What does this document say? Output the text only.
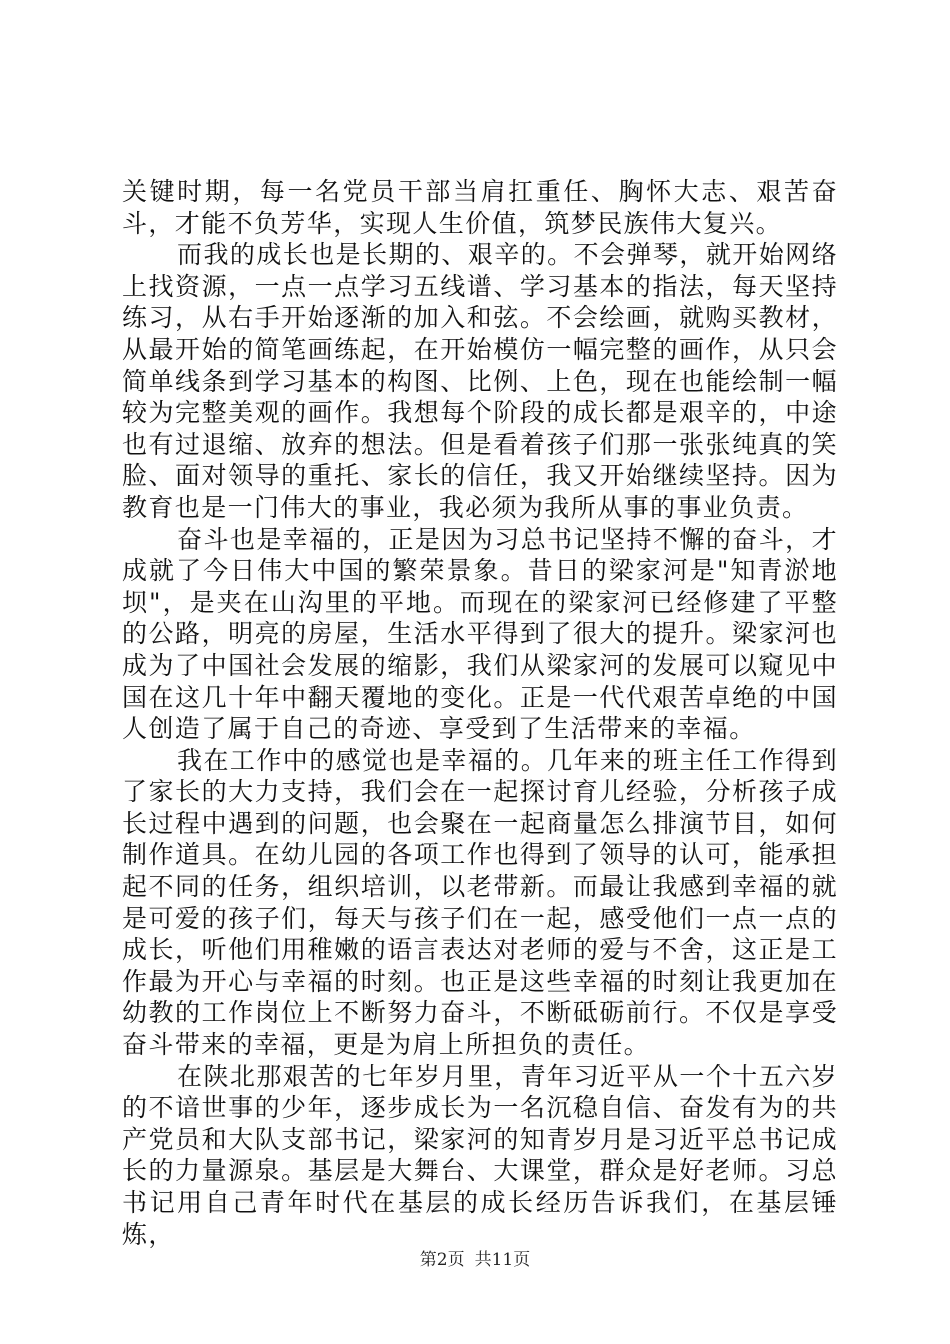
关键时期，每一名党员干部当肩扛重任、胸怀大志、艰苦奋斗，才能不负芳华，实现人生价值，筑梦民族伟大复兴。

而我的成长也是长期的、艰辛的。不会弹琴，就开始网络上找资源，一点一点学习五线谱、学习基本的指法，每天坚持练习，从右手开始逐渐的加入和弦。不会绘画，就购买教材，从最开始的简笔画练起，在开始模仿一幅完整的画作，从只会简单线条到学习基本的构图、比例、上色，现在也能绘制一幅较为完整美观的画作。我想每个阶段的成长都是艰辛的，中途也有过退缩、放弃的想法。但是看着孩子们那一张张纯真的笑脸、面对领导的重托、家长的信任，我又开始继续坚持。因为教育也是一门伟大的事业，我必须为我所从事的事业负责。

奋斗也是幸福的，正是因为习总书记坚持不懈的奋斗，才成就了今日伟大中国的繁荣景象。昔日的梁家河是"知青淤地坝"，是夹在山沟里的平地。而现在的梁家河已经修建了平整的公路，明亮的房屋，生活水平得到了很大的提升。梁家河也成为了中国社会发展的缩影，我们从梁家河的发展可以窥见中国在这几十年中翻天覆地的变化。正是一代代艰苦卓绝的中国人创造了属于自己的奇迹、享受到了生活带来的幸福。

我在工作中的感觉也是幸福的。几年来的班主任工作得到了家长的大力支持，我们会在一起探讨育儿经验，分析孩子成长过程中遇到的问题，也会聚在一起商量怎么排演节目，如何制作道具。在幼儿园的各项工作也得到了领导的认可，能承担起不同的任务，组织培训，以老带新。而最让我感到幸福的就是可爱的孩子们，每天与孩子们在一起，感受他们一点一点的成长，听他们用稚嫩的语言表达对老师的爱与不舍，这正是工作最为开心与幸福的时刻。也正是这些幸福的时刻让我更加在幼教的工作岗位上不断努力奋斗，不断砥砺前行。不仅是享受奋斗带来的幸福，更是为肩上所担负的责任。

在陕北那艰苦的七年岁月里，青年习近平从一个十五六岁的不谙世事的少年，逐步成长为一名沉稳自信、奋发有为的共产党员和大队支部书记，梁家河的知青岁月是习近平总书记成长的力量源泉。基层是大舞台、大课堂，群众是好老师。习总书记用自己青年时代在基层的成长经历告诉我们，在基层锤炼，

第2页 共11页
